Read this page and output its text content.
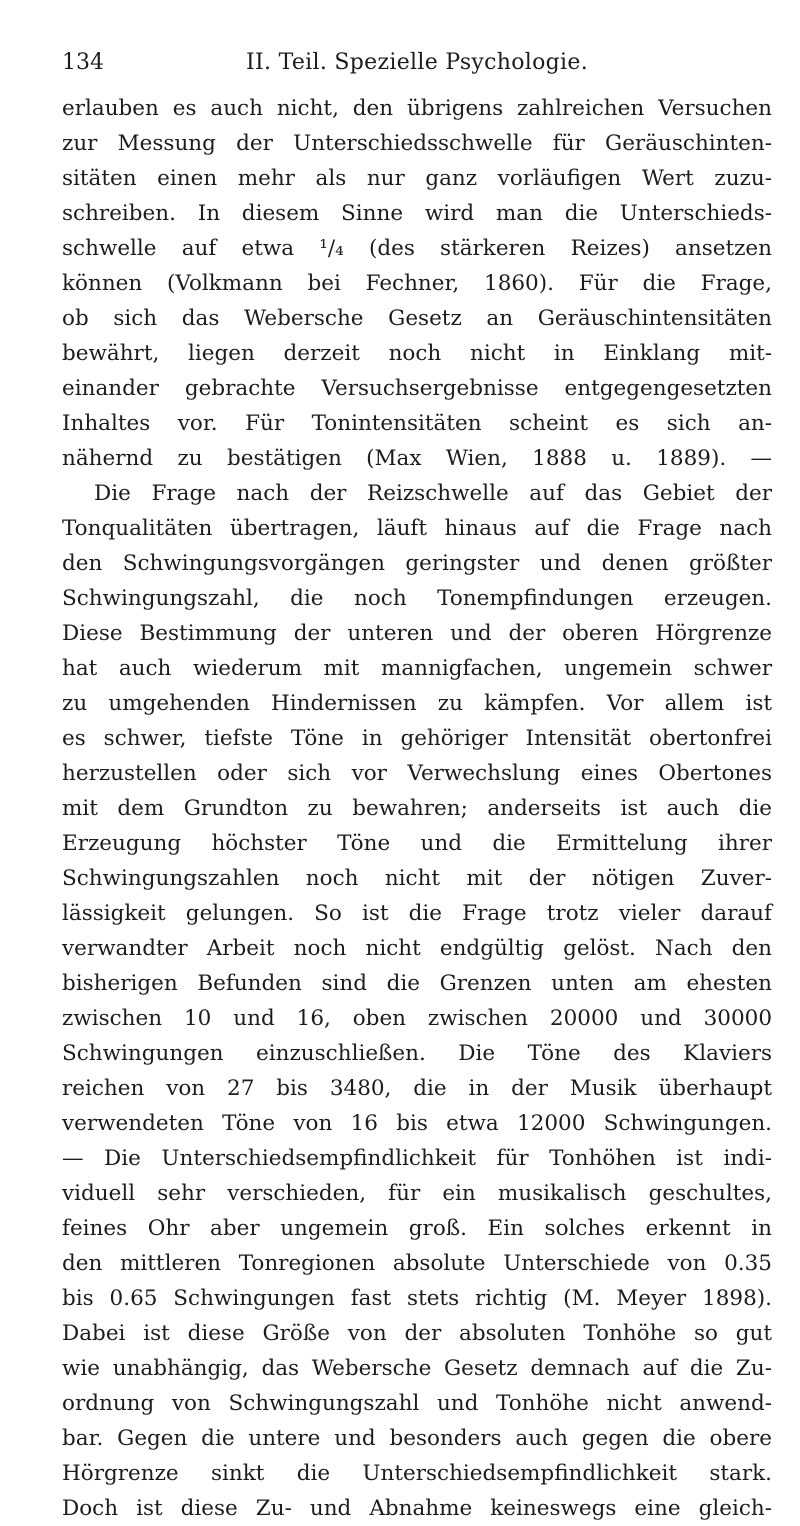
134	II. Teil. Spezielle Psychologie.
erlauben es auch nicht, den übrigens zahlreichen Versuchen
zur Messung der Unterschiedsschwelle für Geräuschinten-
sitäten einen mehr als nur ganz vorläufigen Wert zuzu-
schreiben. In diesem Sinne wird man die Unterschieds-
schwelle auf etwa ¹/₄ (des stärkeren Reizes) ansetzen
können (Volkmann bei Fechner, 1860). Für die Frage,
ob sich das Webersche Gesetz an Geräuschintensitäten
bewährt, liegen derzeit noch nicht in Einklang mit-
einander gebrachte Versuchsergebnisse entgegengesetzten
Inhaltes vor. Für Tonintensitäten scheint es sich an-
nähernd zu bestätigen (Max Wien, 1888 u. 1889). —
Die Frage nach der Reizschwelle auf das Gebiet der
Tonqualitäten übertragen, läuft hinaus auf die Frage nach
den Schwingungsvorgängen geringster und denen größter
Schwingungszahl, die noch Tonempfindungen erzeugen.
Diese Bestimmung der unteren und der oberen Hörgrenze
hat auch wiederum mit mannigfachen, ungemein schwer
zu umgehenden Hindernissen zu kämpfen. Vor allem ist
es schwer, tiefste Töne in gehöriger Intensität obertonfrei
herzustellen oder sich vor Verwechslung eines Obertones
mit dem Grundton zu bewahren; anderseits ist auch die
Erzeugung höchster Töne und die Ermittelung ihrer
Schwingungszahlen noch nicht mit der nötigen Zuver-
lässigkeit gelungen. So ist die Frage trotz vieler darauf
verwandter Arbeit noch nicht endgültig gelöst. Nach den
bisherigen Befunden sind die Grenzen unten am ehesten
zwischen 10 und 16, oben zwischen 20000 und 30000
Schwingungen einzuschließen. Die Töne des Klaviers
reichen von 27 bis 3480, die in der Musik überhaupt
verwendeten Töne von 16 bis etwa 12000 Schwingungen.
— Die Unterschiedsempfindlichkeit für Tonhöhen ist indi-
viduell sehr verschieden, für ein musikalisch geschultes,
feines Ohr aber ungemein groß. Ein solches erkennt in
den mittleren Tonregionen absolute Unterschiede von 0.35
bis 0.65 Schwingungen fast stets richtig (M. Meyer 1898).
Dabei ist diese Größe von der absoluten Tonhöhe so gut
wie unabhängig, das Webersche Gesetz demnach auf die Zu-
ordnung von Schwingungszahl und Tonhöhe nicht anwend-
bar. Gegen die untere und besonders auch gegen die obere
Hörgrenze sinkt die Unterschiedsempfindlichkeit stark.
Doch ist diese Zu- und Abnahme keineswegs eine gleich-
